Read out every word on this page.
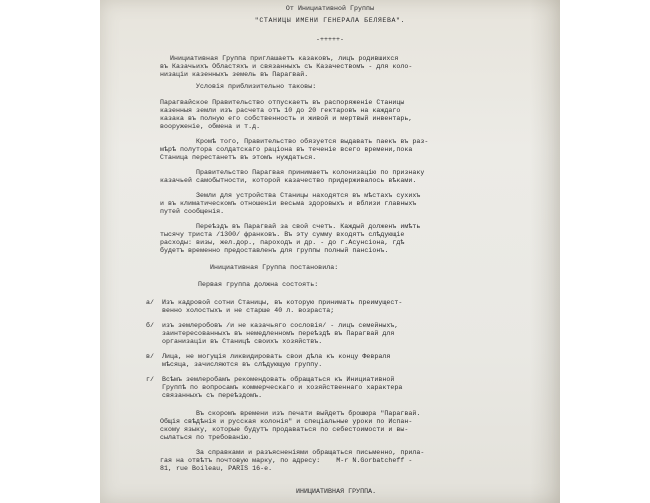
От Инициативной Группы

"СТАНИЦЫ ИМЕНИ ГЕНЕРАЛА БЕЛЯЕВА".

-+++++-

Инициативная Группа приглашаетъ казаковъ, лицъ родившихся

въ Казачьихъ Областяхъ и связанныхъ съ Казачествомъ - для коло-

низацiи казенныхъ земель въ Парагвай.

Условiя приблизительно таковы:

Парагвайское Правительство отпускаетъ въ распоряженiе Станицы

казенныя земли изъ расчета отъ 10 до 20 гектаровъ на каждаго

казака въ полную его собственность и живой и мертвый инвентарь,

вооруженiе, обмена и т.д.

Кромѣ того, Правительство обязуется выдавать паекъ въ раз-

мѣрѣ полутора солдатскаго рацiона въ теченiе всего времени,пока

Станица перестанетъ въ этомъ нуждаться.

Правительство Парагвая принимаетъ колонизацiю по признаку

казачьей самобытности, которой казачество придерживалось вѣками.

Земли для устройства Станицы находятся въ мѣстахъ сухихъ

и въ климатическомъ отношенiи весьма здоровыхъ и вблизи главныхъ

путей сообщенiя.

Переѣздъ въ Парагвай за свой счетъ. Каждый долженъ имѣть

тысячу триста /1300/ франковъ. Въ эту сумму входятъ слѣдующiе

расходы: визы, жел.дор., пароходъ и др. - до г.Асунсiона, гдѣ

будетъ временно предоставленъ для группы полный пансiонъ.

Инициативная Группа постановила:

Первая группа должна состоять:

а/

Изъ кадровой сотни Станицы, въ которую принимать преимущест-

венно холостыхъ и не старше 40 л. возраста;

б/

изъ землеробовъ /и не казачьяго сословiя/ - лицъ семейныхъ,

заинтересованныхъ въ немедленномъ переѣздѣ въ Парагвай для

организацiи въ Станицѣ своихъ хозяйствъ.

в/

Лица, не могущiя ликвидировать свои дѣла къ концу Февраля

мѣсяца, зачисляются въ слѣдующую группу.

г/

Всѣмъ землеробамъ рекомендовать обращаться къ Инициативной

Группѣ по вопросамъ коммерческаго и хозяйственнаго характера

связанныхъ съ переѣздомъ.

Въ скоромъ времени изъ печати выйдетъ брошюра "Парагвай.

Общiя свѣдѣнiя и русская колонiя" и спецiальные уроки по Испан-

скому языку, которые будутъ продаваться по себестоимости и вы-

сылаться по требованiю.

За справками и разъясненiями обращаться письменно, прила-

гая на отвѣтъ почтовую марку, по адресу:    M-r N.Gorbatcheff -

81, rue Boileau, PARIS 16-e.

ИНИЦИАТИВНАЯ ГРУППА.
